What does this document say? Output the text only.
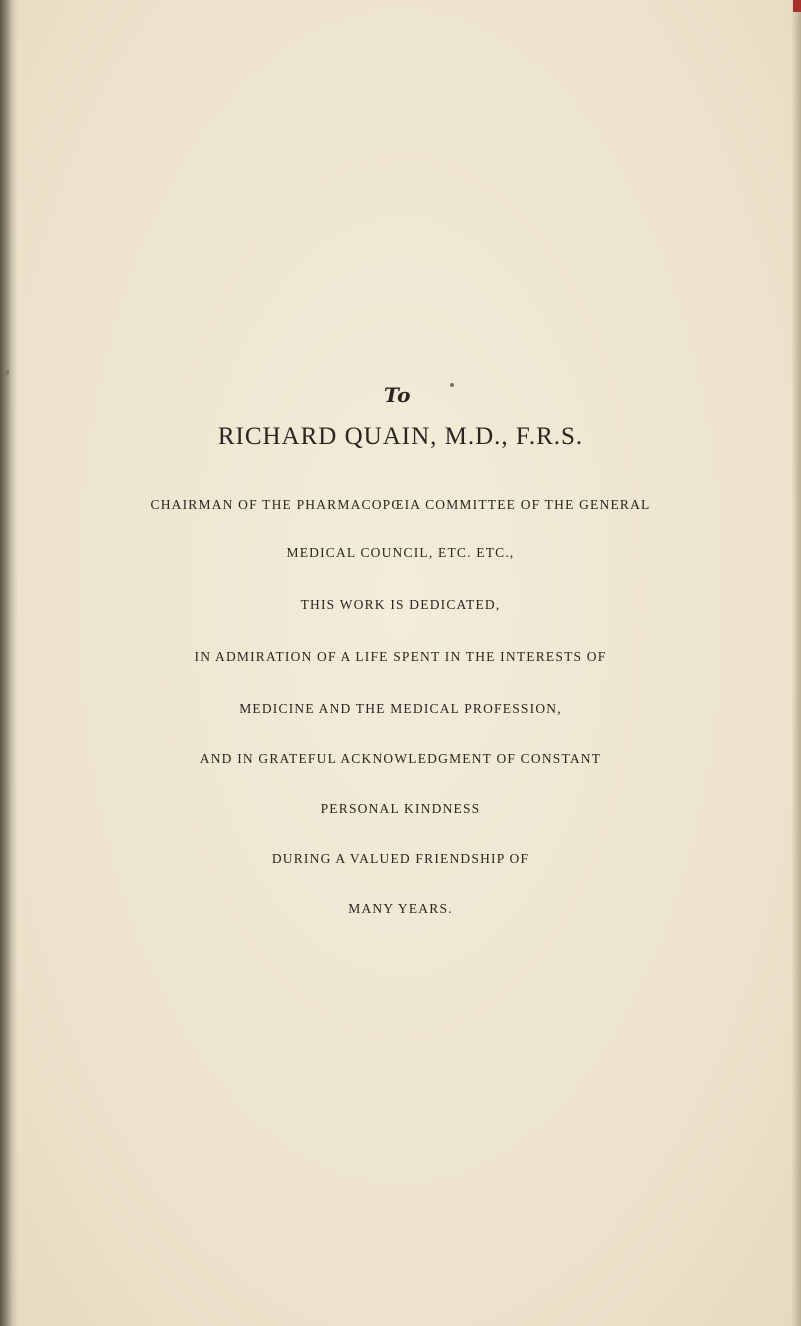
To
RICHARD QUAIN, M.D., F.R.S.
CHAIRMAN OF THE PHARMACOPŒIA COMMITTEE OF THE GENERAL
MEDICAL COUNCIL, ETC. ETC.,
THIS WORK IS DEDICATED,
IN ADMIRATION OF A LIFE SPENT IN THE INTERESTS OF
MEDICINE AND THE MEDICAL PROFESSION,
AND IN GRATEFUL ACKNOWLEDGMENT OF CONSTANT
PERSONAL KINDNESS
DURING A VALUED FRIENDSHIP OF
MANY YEARS.
